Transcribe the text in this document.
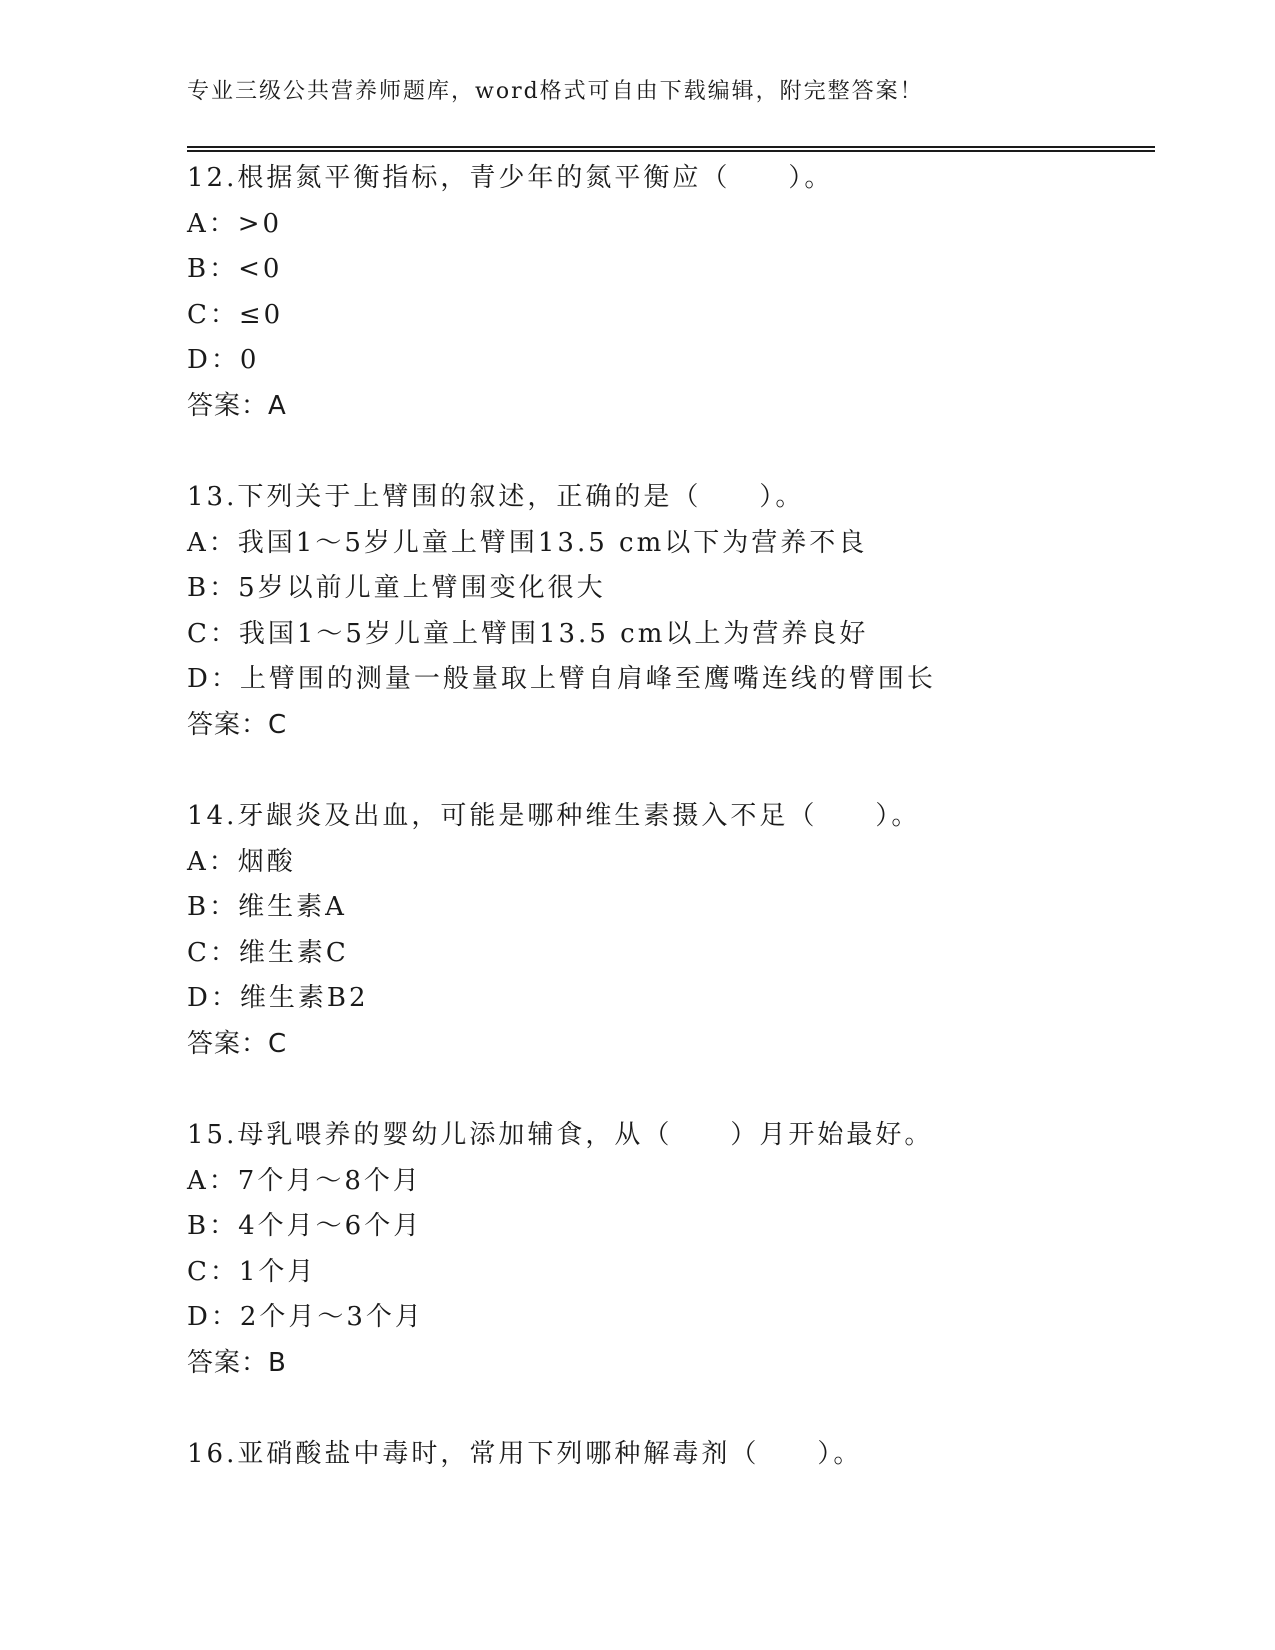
专业三级公共营养师题库，word格式可自由下载编辑，附完整答案！
12.根据氮平衡指标，青少年的氮平衡应（　　）。
A：>0
B：<0
C：≤0
D：0
答案：A
13.下列关于上臂围的叙述，正确的是（　　）。
A：我国1～5岁儿童上臂围13.5 cm以下为营养不良
B：5岁以前儿童上臂围变化很大
C：我国1～5岁儿童上臂围13.5 cm以上为营养良好
D：上臂围的测量一般量取上臂自肩峰至鹰嘴连线的臂围长
答案：C
14.牙龈炎及出血，可能是哪种维生素摄入不足（　　）。
A：烟酸
B：维生素A
C：维生素C
D：维生素B2
答案：C
15.母乳喂养的婴幼儿添加辅食，从（　　）月开始最好。
A：7个月～8个月
B：4个月～6个月
C：1个月
D：2个月～3个月
答案：B
16.亚硝酸盐中毒时，常用下列哪种解毒剂（　　）。
